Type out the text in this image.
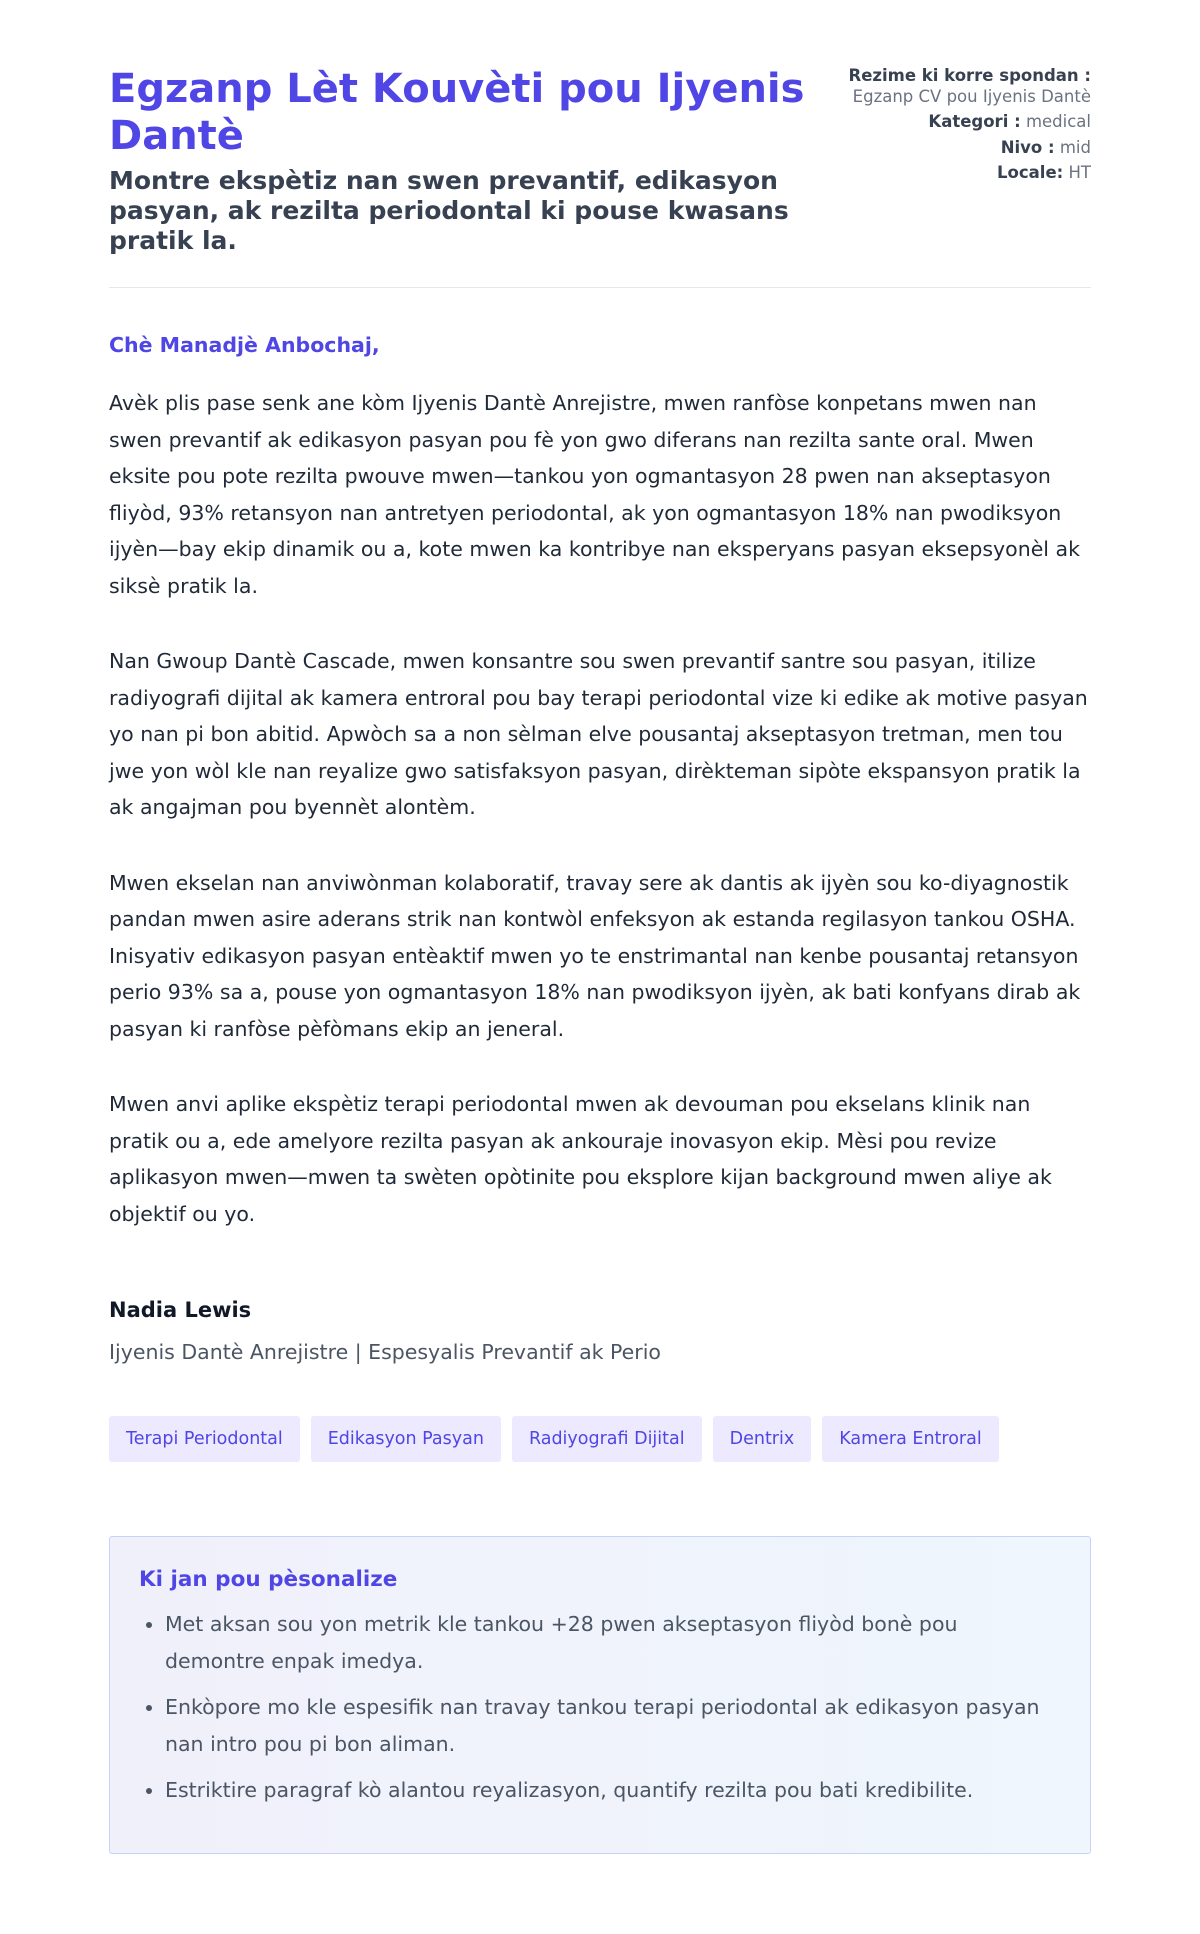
Egzanp Lèt Kouvèti pou Ijyenis Dantè
Montre ekspètiz nan swen prevantif, edikasyon pasyan, ak rezilta periodontal ki pouse kwasans pratik la.
Rezime ki korre spondan : Egzanp CV pou Ijyenis Dantè
Kategori : medical
Nivo : mid
Locale: HT

Chè Manadjè Anbochaj,

Avèk plis pase senk ane kòm Ijyenis Dantè Anrejistre, mwen ranfòse konpetans mwen nan swen prevantif ak edikasyon pasyan pou fè yon gwo diferans nan rezilta sante oral. Mwen eksite pou pote rezilta pwouve mwen—tankou yon ogmantasyon 28 pwen nan akseptasyon fliyòd, 93% retansyon nan antretyen periodontal, ak yon ogmantasyon 18% nan pwodiksyon ijyèn—bay ekip dinamik ou a, kote mwen ka kontribye nan eksperyans pasyan eksepsyonèl ak siksè pratik la.

Nan Gwoup Dantè Cascade, mwen konsantre sou swen prevantif santre sou pasyan, itilize radiyografi dijital ak kamera entroral pou bay terapi periodontal vize ki edike ak motive pasyan yo nan pi bon abitid. Apwòch sa a non sèlman elve pousantaj akseptasyon tretman, men tou jwe yon wòl kle nan reyalize gwo satisfaksyon pasyan, dirèkteman sipòte ekspansyon pratik la ak angajman pou byennèt alontèm.

Mwen ekselan nan anviwònman kolaboratif, travay sere ak dantis ak ijyèn sou ko-diyagnostik pandan mwen asire aderans strik nan kontwòl enfeksyon ak estanda regilasyon tankou OSHA. Inisyativ edikasyon pasyan entèaktif mwen yo te enstrimantal nan kenbe pousantaj retansyon perio 93% sa a, pouse yon ogmantasyon 18% nan pwodiksyon ijyèn, ak bati konfyans dirab ak pasyan ki ranfòse pèfòmans ekip an jeneral.

Mwen anvi aplike ekspètiz terapi periodontal mwen ak devouman pou ekselans klinik nan pratik ou a, ede amelyore rezilta pasyan ak ankouraje inovasyon ekip. Mèsi pou revize aplikasyon mwen—mwen ta swèten opòtinite pou eksplore kijan background mwen aliye ak objektif ou yo.

Nadia Lewis

Ijyenis Dantè Anrejistre | Espesyalis Prevantif ak Perio

Terapi Periodontal	Edikasyon Pasyan	Radiyografi Dijital	Dentrix	Kamera Entroral
Ki jan pou pèsonalize
• Met aksan sou yon metrik kle tankou +28 pwen akseptasyon fliyòd bonè pou demontre enpak imedya.
• Enkòpore mo kle espesifik nan travay tankou terapi periodontal ak edikasyon pasyan nan intro pou pi bon aliman.
• Estriktire paragraf kò alantou reyalizasyon, quantify rezilta pou bati kredibilite.
